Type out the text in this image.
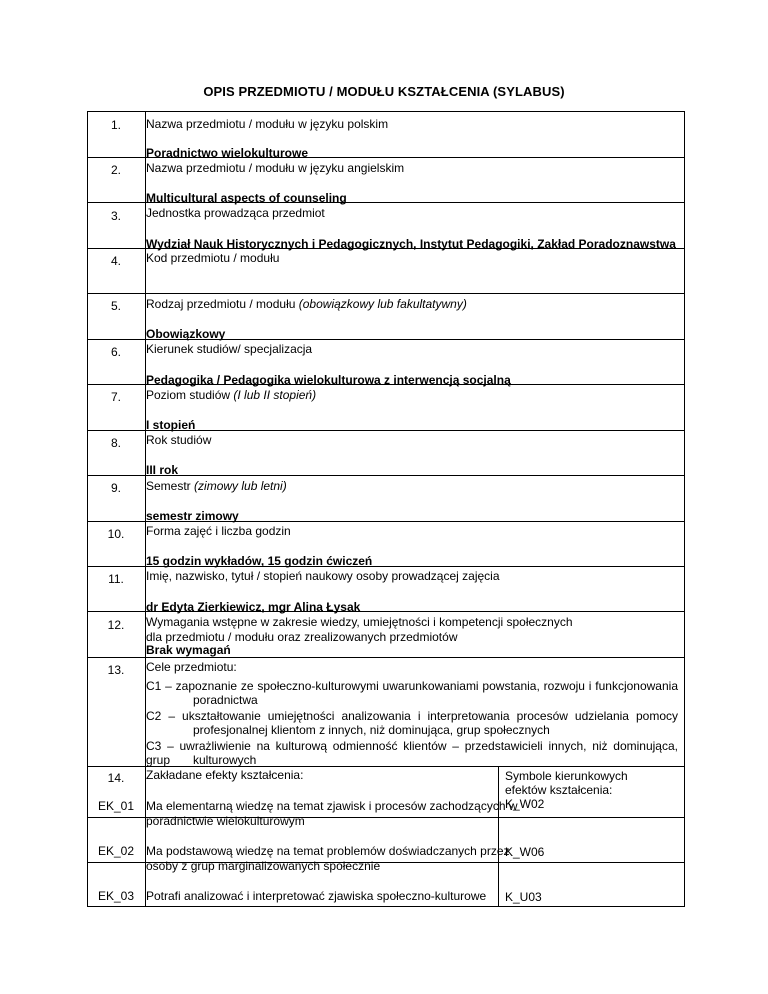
OPIS PRZEDMIOTU / MODUŁU KSZTAŁCENIA (SYLABUS)
1.	Nazwa przedmiotu / modułu w języku polskim
Poradnictwo wielokulturowe
2.	Nazwa przedmiotu / modułu w języku angielskim
Multicultural aspects of counseling
3.	Jednostka prowadząca przedmiot
Wydział Nauk Historycznych i Pedagogicznych, Instytut Pedagogiki, Zakład Poradoznawstwa
4.	Kod przedmiotu / modułu
5.	Rodzaj przedmiotu / modułu (obowiązkowy lub fakultatywny)
Obowiązkowy
6.	Kierunek studiów/ specjalizacja
Pedagogika / Pedagogika wielokulturowa z interwencją socjalną
7.	Poziom studiów (I lub II stopień)
I stopień
8.	Rok studiów
III rok
9.	Semestr (zimowy lub letni)
semestr zimowy
10.	Forma zajęć i liczba godzin
15 godzin wykładów, 15 godzin ćwiczeń
11.	Imię, nazwisko, tytuł / stopień naukowy osoby prowadzącej zajęcia
dr Edyta Zierkiewicz, mgr Alina Łysak
12.	Wymagania wstępne w zakresie wiedzy, umiejętności i kompetencji społecznych
dla przedmiotu / modułu oraz zrealizowanych przedmiotów
Brak wymagań
13.	Cele przedmiotu:
C1 – zapoznanie ze społeczno-kulturowymi uwarunkowaniami powstania, rozwoju i funkcjonowania
poradnictwa
C2 – ukształtowanie umiejętności analizowania i interpretowania procesów udzielania pomocy
profesjonalnej klientom z innych, niż dominująca, grup społecznych
C3 – uwrażliwienie na kulturową odmienność klientów – przedstawicieli innych, niż dominująca, grup	kulturowych
14.	Zakładane efekty kształcenia:	Symbole kierunkowych
efektów kształcenia:
EK_01 Ma elementarną wiedzę na temat zjawisk i procesów zachodzących w
poradnictwie wielokulturowym
K_W02
EK_02 Ma podstawową wiedzę na temat problemów doświadczanych przez
osoby z grup marginalizowanych społecznie
K_W06
EK_03 Potrafi analizować i interpretować zjawiska społeczno-kulturowe K_U03
